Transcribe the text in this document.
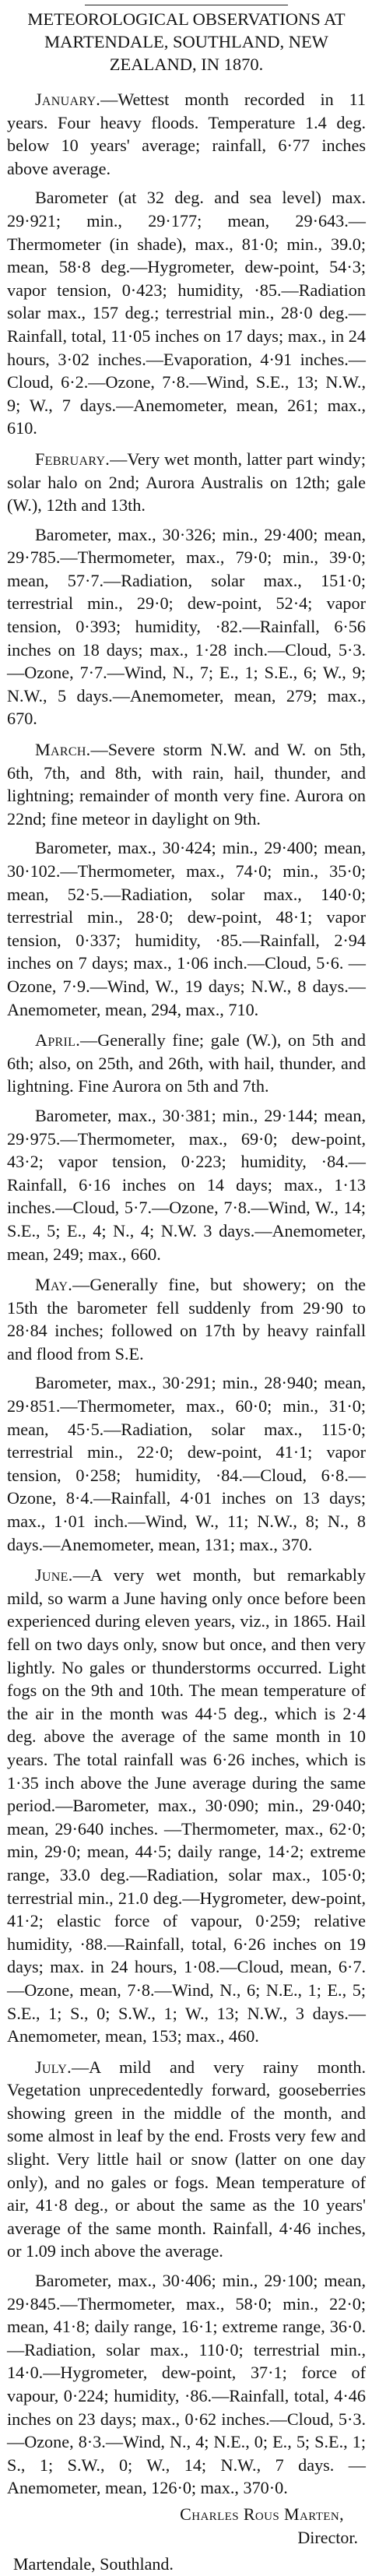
METEOROLOGICAL OBSERVATIONS AT
MARTENDALE, SOUTHLAND, NEW
ZEALAND, IN 1870.

January.—Wettest month recorded in 11 years. Four heavy floods. Temperature 1.4 deg. below 10 years' average; rainfall, 6·77 inches above average.

Barometer (at 32 deg. and sea level) max. 29·921; min., 29·177; mean, 29·643.—Thermometer (in shade), max., 81·0; min., 39.0; mean, 58·8 deg.—Hygrometer, dew-point, 54·3; vapor tension, 0·423; humidity, ·85.—Radiation solar max., 157 deg.; terrestrial min., 28·0 deg.—Rainfall, total, 11·05 inches on 17 days; max., in 24 hours, 3·02 inches.—Evaporation, 4·91 inches.—Cloud, 6·2.—Ozone, 7·8.—Wind, S.E., 13; N.W., 9; W., 7 days.—Anemometer, mean, 261; max., 610.

February.—Very wet month, latter part windy; solar halo on 2nd; Aurora Australis on 12th; gale (W.), 12th and 13th.

Barometer, max., 30·326; min., 29·400; mean, 29·785.—Thermometer, max., 79·0; min., 39·0; mean, 57·7.—Radiation, solar max., 151·0; terrestrial min., 29·0; dew-point, 52·4; vapor tension, 0·393; humidity, ·82.—Rainfall, 6·56 inches on 18 days; max., 1·28 inch.—Cloud, 5·3. —Ozone, 7·7.—Wind, N., 7; E., 1; S.E., 6; W., 9; N.W., 5 days.—Anemometer, mean, 279; max., 670.

March.—Severe storm N.W. and W. on 5th, 6th, 7th, and 8th, with rain, hail, thunder, and lightning; remainder of month very fine. Aurora on 22nd; fine meteor in daylight on 9th.

Barometer, max., 30·424; min., 29·400; mean, 30·102.—Thermometer, max., 74·0; min., 35·0; mean, 52·5.—Radiation, solar max., 140·0; terrestrial min., 28·0; dew-point, 48·1; vapor tension, 0·337; humidity, ·85.—Rainfall, 2·94 inches on 7 days; max., 1·06 inch.—Cloud, 5·6. —Ozone, 7·9.—Wind, W., 19 days; N.W., 8 days.—Anemometer, mean, 294, max., 710.

April.—Generally fine; gale (W.), on 5th and 6th; also, on 25th, and 26th, with hail, thunder, and lightning. Fine Aurora on 5th and 7th.

Barometer, max., 30·381; min., 29·144; mean, 29·975.—Thermometer, max., 69·0; dew-point, 43·2; vapor tension, 0·223; humidity, ·84.—Rainfall, 6·16 inches on 14 days; max., 1·13 inches.—Cloud, 5·7.—Ozone, 7·8.—Wind, W., 14; S.E., 5; E., 4; N., 4; N.W. 3 days.—Anemometer, mean, 249; max., 660.

May.—Generally fine, but showery; on the 15th the barometer fell suddenly from 29·90 to 28·84 inches; followed on 17th by heavy rainfall and flood from S.E.

Barometer, max., 30·291; min., 28·940; mean, 29·851.—Thermometer, max., 60·0; min., 31·0; mean, 45·5.—Radiation, solar max., 115·0; terrestrial min., 22·0; dew-point, 41·1; vapor tension, 0·258; humidity, ·84.—Cloud, 6·8.—Ozone, 8·4.—Rainfall, 4·01 inches on 13 days; max., 1·01 inch.—Wind, W., 11; N.W., 8; N., 8 days.—Anemometer, mean, 131; max., 370.

June.—A very wet month, but remarkably mild, so warm a June having only once before been experienced during eleven years, viz., in 1865. Hail fell on two days only, snow but once, and then very lightly. No gales or thunderstorms occurred. Light fogs on the 9th and 10th. The mean temperature of the air in the month was 44·5 deg., which is 2·4 deg. above the average of the same month in 10 years. The total rainfall was 6·26 inches, which is 1·35 inch above the June average during the same period.—Barometer, max., 30·090; min., 29·040; mean, 29·640 inches. —Thermometer, max., 62·0; min, 29·0; mean, 44·5; daily range, 14·2; extreme range, 33.0 deg.—Radiation, solar max., 105·0; terrestrial min., 21.0 deg.—Hygrometer, dew-point, 41·2; elastic force of vapour, 0·259; relative humidity, ·88.—Rainfall, total, 6·26 inches on 19 days; max. in 24 hours, 1·08.—Cloud, mean, 6·7.—Ozone, mean, 7·8.—Wind, N., 6; N.E., 1; E., 5; S.E., 1; S., 0; S.W., 1; W., 13; N.W., 3 days.—Anemometer, mean, 153; max., 460.

July.—A mild and very rainy month. Vegetation unprecedentedly forward, gooseberries showing green in the middle of the month, and some almost in leaf by the end. Frosts very few and slight. Very little hail or snow (latter on one day only), and no gales or fogs. Mean temperature of air, 41·8 deg., or about the same as the 10 years' average of the same month. Rainfall, 4·46 inches, or 1.09 inch above the average.

Barometer, max., 30·406; min., 29·100; mean, 29·845.—Thermometer, max., 58·0; min., 22·0; mean, 41·8; daily range, 16·1; extreme range, 36·0. —Radiation, solar max., 110·0; terrestrial min., 14·0.—Hygrometer, dew-point, 37·1; force of vapour, 0·224; humidity, ·86.—Rainfall, total, 4·46 inches on 23 days; max., 0·62 inches.—Cloud, 5·3.—Ozone, 8·3.—Wind, N., 4; N.E., 0; E., 5; S.E., 1; S., 1; S.W., 0; W., 14; N.W., 7 days. —Anemometer, mean, 126·0; max., 370·0.

Charles Rous Marten,
Director.
Martendale, Southland.
